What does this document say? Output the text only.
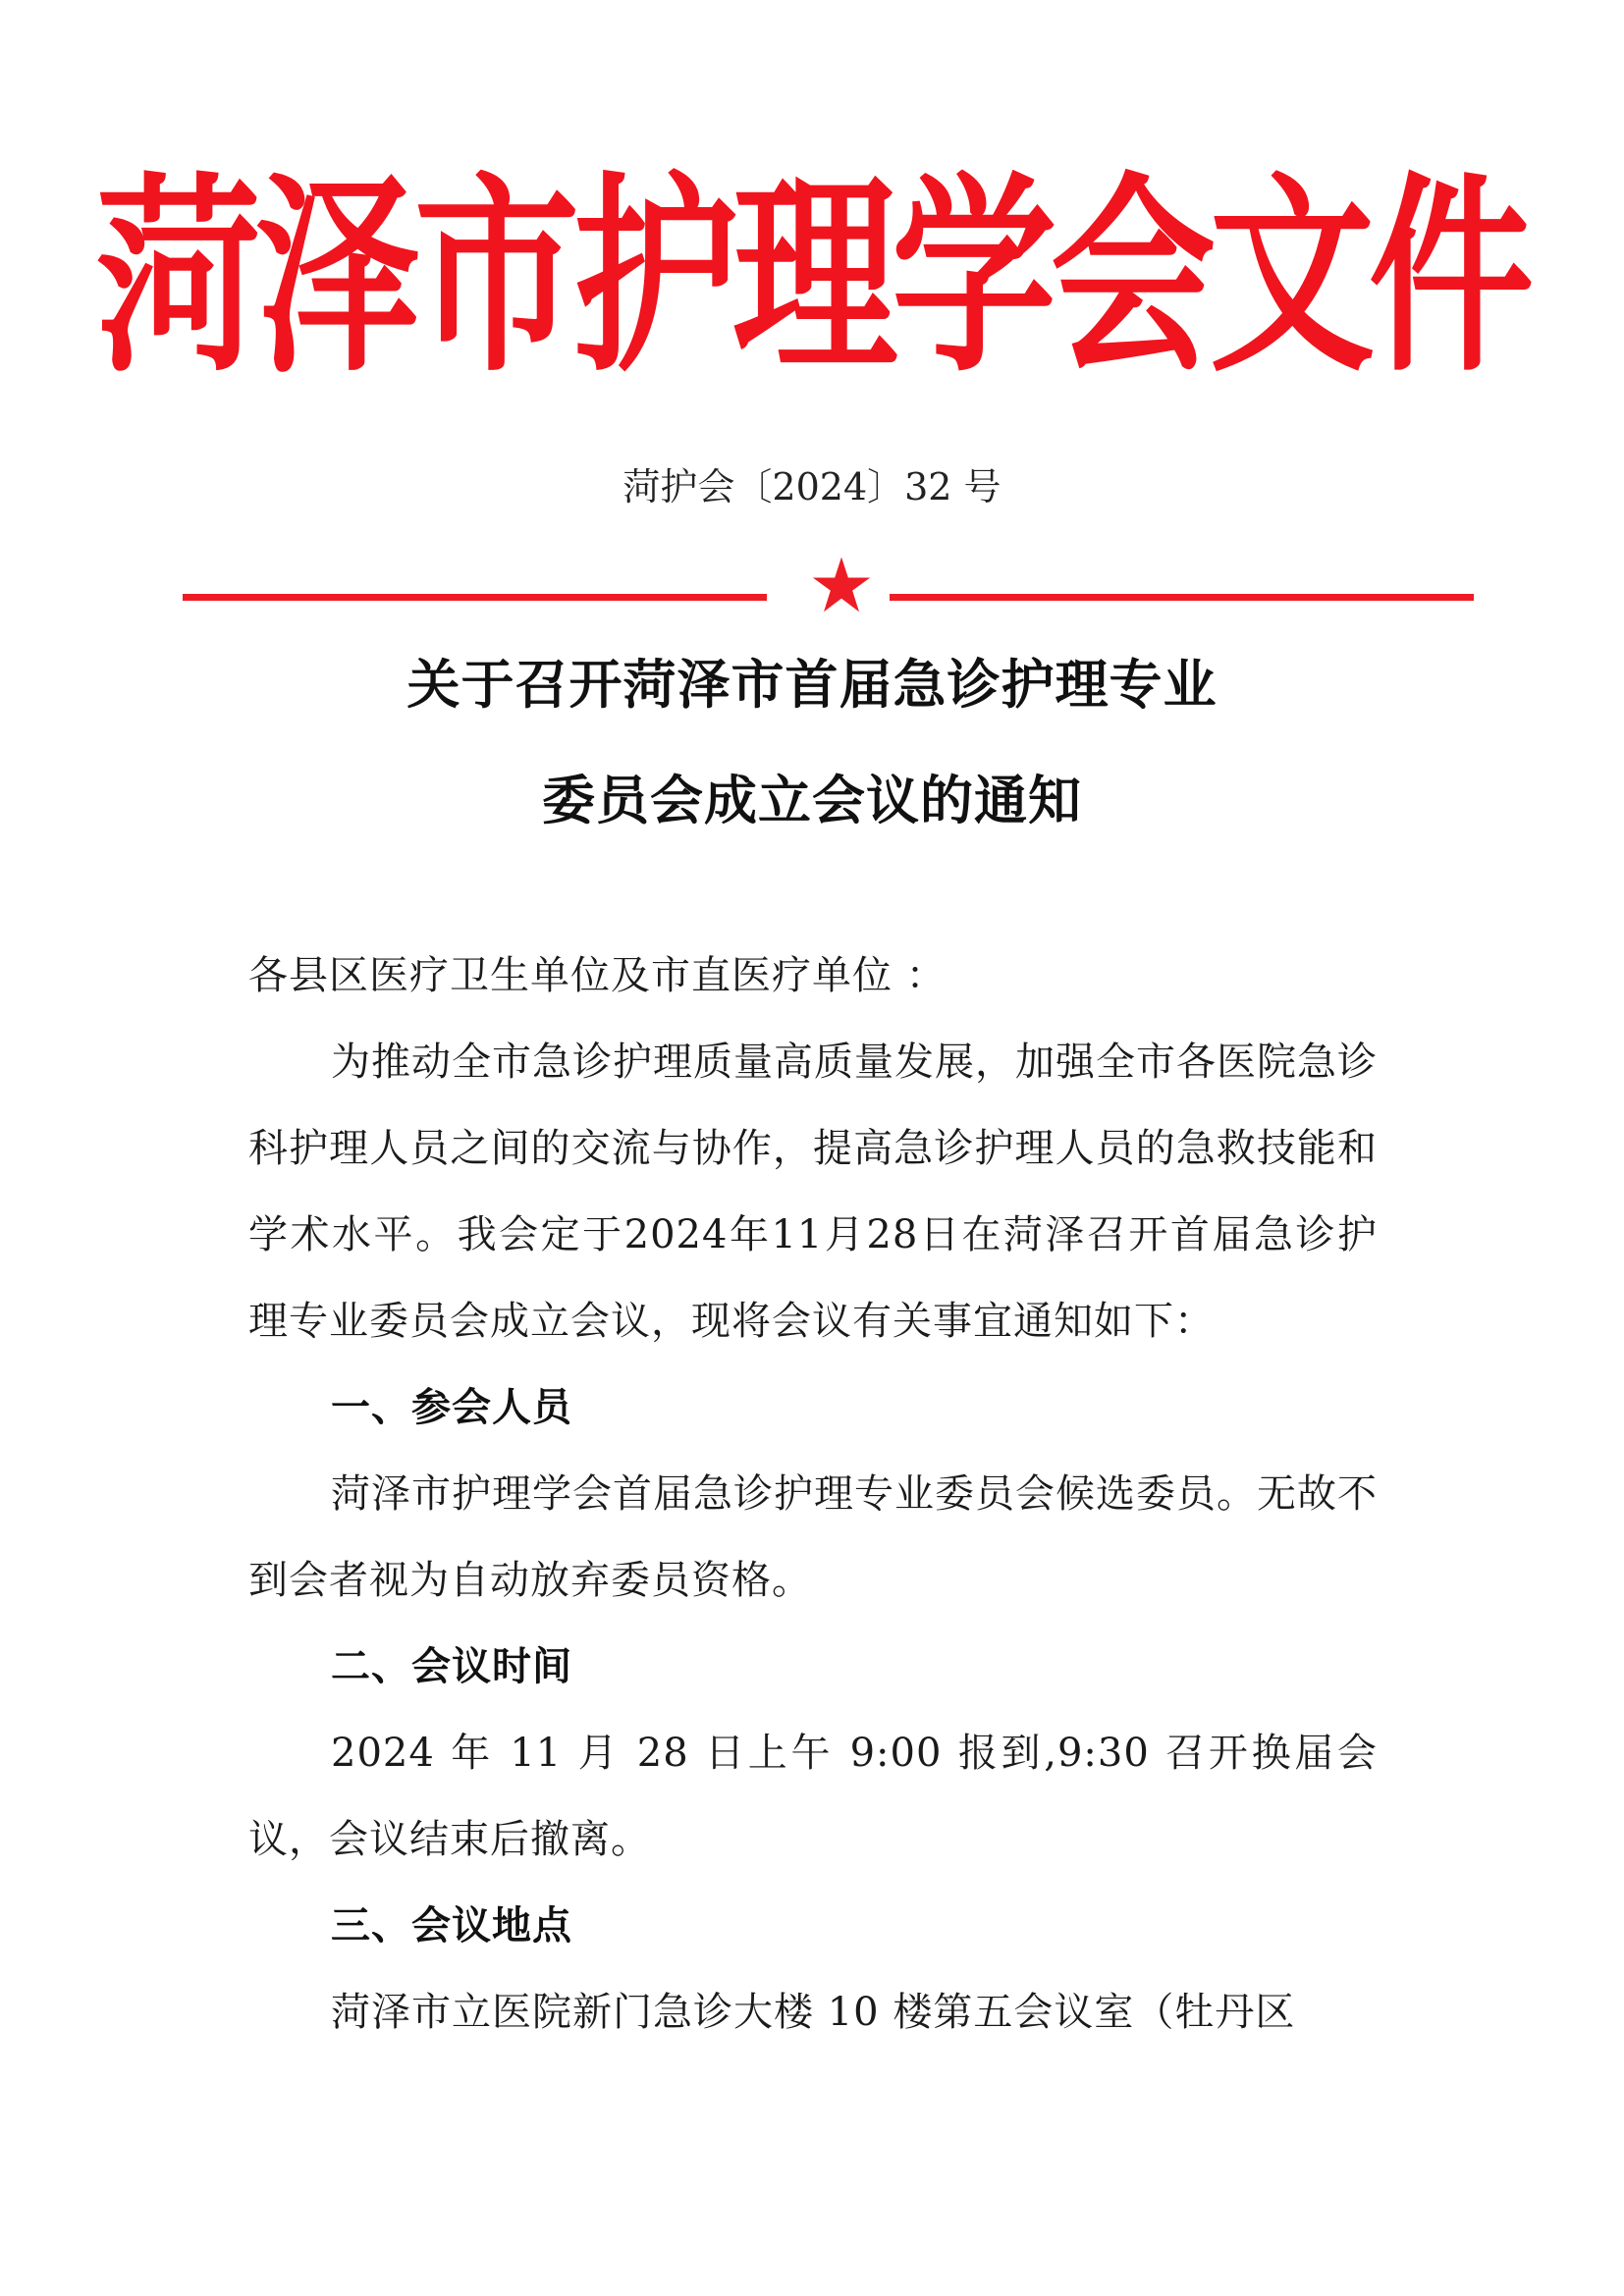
菏泽市护理学会文件
菏护会〔2024〕32 号
关于召开菏泽市首届急诊护理专业
委员会成立会议的通知

各县区医疗卫生单位及市直医疗单位 ：

为推动全市急诊护理质量高质量发展，加强全市各医院急诊科护理人员之间的交流与协作，提高急诊护理人员的急救技能和学术水平。我会定于2024年11月28日在菏泽召开首届急诊护理专业委员会成立会议，现将会议有关事宜通知如下：

一、参会人员

菏泽市护理学会首届急诊护理专业委员会候选委员。无故不到会者视为自动放弃委员资格。

二、会议时间

2024 年 11 月 28 日上午 9:00 报到,9:30 召开换届会议，会议结束后撤离。

三、会议地点

菏泽市立医院新门急诊大楼 10 楼第五会议室（牡丹区
